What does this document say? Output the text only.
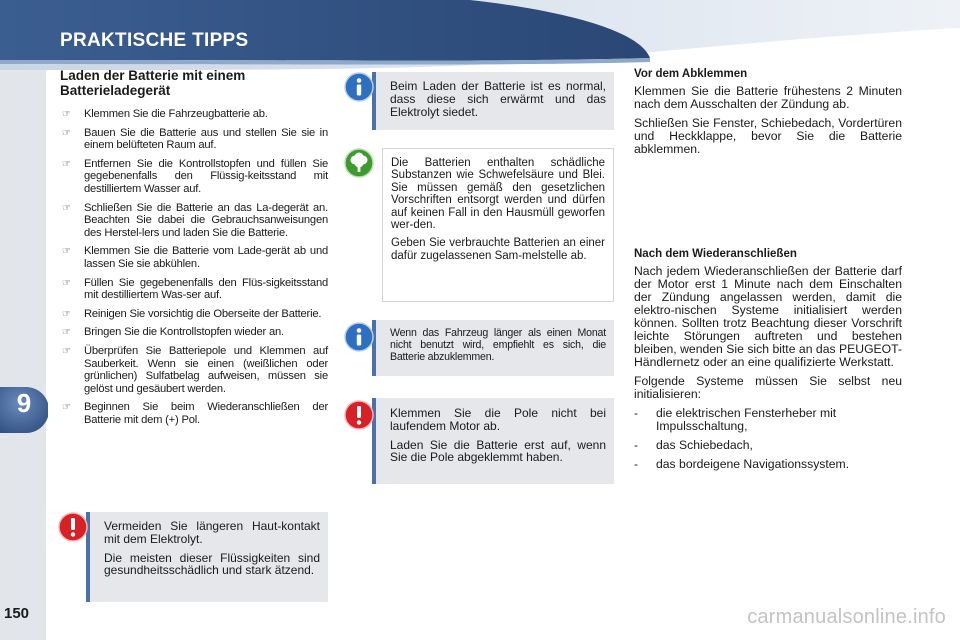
PRAKTISCHE TIPPS
9
150
Laden der Batterie mit einem Batterieladegerät
☞ Klemmen Sie die Fahrzeugbatterie ab.
☞ Bauen Sie die Batterie aus und stellen Sie sie in einem belüfteten Raum auf.
☞ Entfernen Sie die Kontrollstopfen und füllen Sie gegebenenfalls den Flüssig-keitsstand mit destilliertem Wasser auf.
☞ Schließen Sie die Batterie an das La-degerät an. Beachten Sie dabei die Gebrauchsanweisungen des Herstel-lers und laden Sie die Batterie.
☞ Klemmen Sie die Batterie vom Lade-gerät ab und lassen Sie sie abkühlen.
☞ Füllen Sie gegebenenfalls den Flüs-sigkeitsstand mit destilliertem Was-ser auf.
☞ Reinigen Sie vorsichtig die Oberseite der Batterie.
☞ Bringen Sie die Kontrollstopfen wieder an.
☞ Überprüfen Sie Batteriepole und Klemmen auf Sauberkeit. Wenn sie einen (weißlichen oder grünlichen) Sulfatbelag aufweisen, müssen sie gelöst und gesäubert werden.
☞ Beginnen Sie beim Wiederanschließen der Batterie mit dem (+) Pol.

Vermeiden Sie längeren Haut-kontakt mit dem Elektrolyt.

Die meisten dieser Flüssigkeiten sind gesundheitsschädlich und stark ätzend.

Beim Laden der Batterie ist es normal, dass diese sich erwärmt und das Elektrolyt siedet.

Die Batterien enthalten schädliche Substanzen wie Schwefelsäure und Blei. Sie müssen gemäß den gesetzlichen Vorschriften entsorgt werden und dürfen auf keinen Fall in den Hausmüll geworfen wer-den.

Geben Sie verbrauchte Batterien an einer dafür zugelassenen Sam-melstelle ab.

Wenn das Fahrzeug länger als einen Monat nicht benutzt wird, empfiehlt es sich, die Batterie abzuklemmen.

Klemmen Sie die Pole nicht bei laufendem Motor ab.

Laden Sie die Batterie erst auf, wenn Sie die Pole abgeklemmt haben.

Vor dem Abklemmen

Klemmen Sie die Batterie frühestens 2 Minuten nach dem Ausschalten der Zündung ab.

Schließen Sie Fenster, Schiebedach, Vordertüren und Heckklappe, bevor Sie die Batterie abklemmen.

Nach dem Wiederanschließen

Nach jedem Wiederanschließen der Batterie darf der Motor erst 1 Minute nach dem Einschalten der Zündung angelassen werden, damit die elektro-nischen Systeme initialisiert werden können. Sollten trotz Beachtung dieser Vorschrift leichte Störungen auftreten und bestehen bleiben, wenden Sie sich bitte an das PEUGEOT-Händlernetz oder an eine qualifizierte Werkstatt.

Folgende Systeme müssen Sie selbst neu initialisieren:

- die elektrischen Fensterheber mit Impulsschaltung,
- das Schiebedach,
- das bordeigene Navigationssystem.
carmanualsonline.info
